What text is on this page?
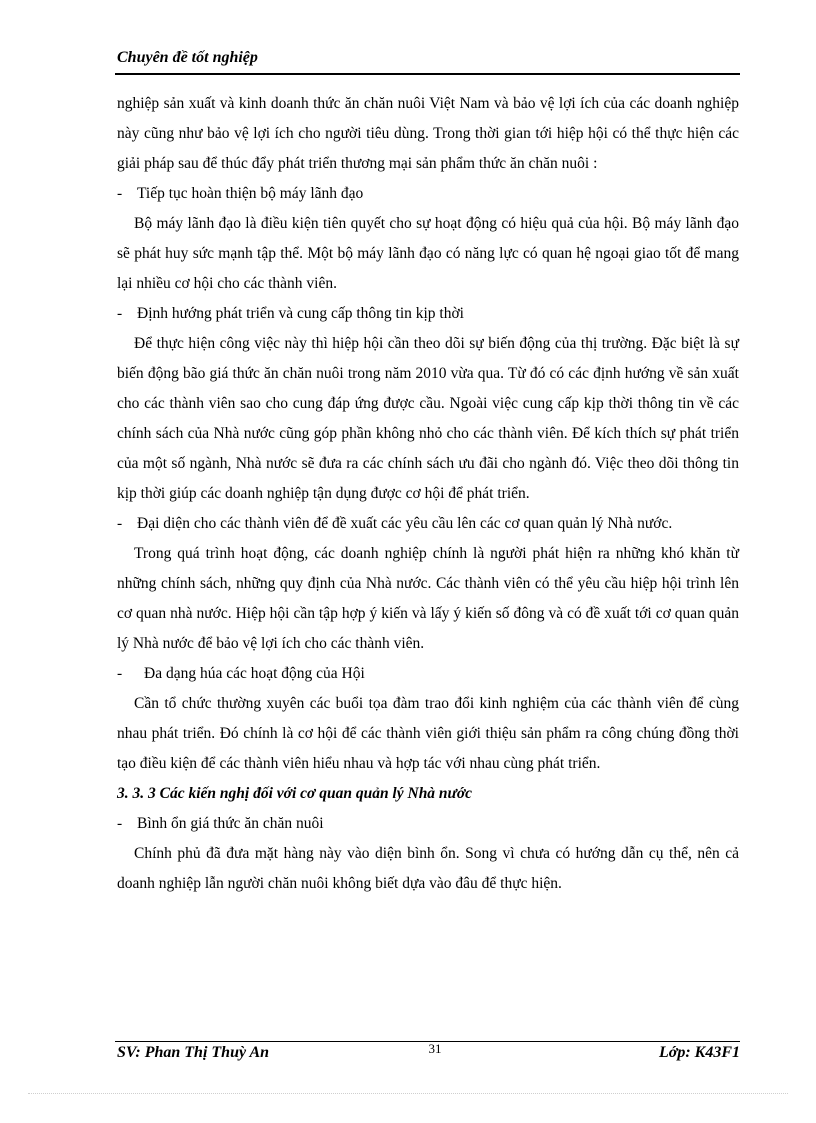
Chuyên đề tốt nghiệp

nghiệp sản xuất và kinh doanh thức ăn chăn nuôi Việt Nam và bảo vệ lợi ích của các doanh nghiệp này cũng như bảo vệ lợi ích cho người tiêu dùng. Trong thời gian tới hiệp hội có thể thực hiện các giải pháp sau để thúc đẩy phát triển thương mại sản phẩm thức ăn chăn nuôi :

- Tiếp tục hoàn thiện bộ máy lãnh đạo

Bộ máy lãnh đạo là điều kiện tiên quyết cho sự hoạt động có hiệu quả của hội. Bộ máy lãnh đạo sẽ phát huy sức mạnh tập thể. Một bộ máy lãnh đạo có năng lực có quan hệ ngoại giao tốt để mang lại nhiều cơ hội cho các thành viên.

- Định hướng phát triển và cung cấp thông tin kịp thời

Để thực hiện công việc này thì hiệp hội cần theo dõi sự biến động của thị trường. Đặc biệt là sự biến động bão giá thức ăn chăn nuôi trong năm 2010 vừa qua. Từ đó có các định hướng về sản xuất cho các thành viên sao cho cung đáp ứng được cầu. Ngoài việc cung cấp kịp thời thông tin về các chính sách của Nhà nước cũng góp phần không nhỏ cho các thành viên. Để kích thích sự phát triển của một số ngành, Nhà nước sẽ đưa ra các chính sách ưu đãi cho ngành đó. Việc theo dõi thông tin kịp thời giúp các doanh nghiệp tận dụng được cơ hội để phát triển.

- Đại diện cho các thành viên để đề xuất các yêu cầu lên các cơ quan quản lý Nhà nước.

Trong quá trình hoạt động, các doanh nghiệp chính là người phát hiện ra những khó khăn từ những chính sách, những quy định của Nhà nước. Các thành viên có thể yêu cầu hiệp hội trình lên cơ quan nhà nước. Hiệp hội cần tập hợp ý kiến và lấy ý kiến số đông và có đề xuất tới cơ quan quản lý Nhà nước để bảo vệ lợi ích cho các thành viên.

-	Đa dạng húa các hoạt động của Hội

Cần tổ chức thường xuyên các buổi tọa đàm trao đổi kinh nghiệm của các thành viên để cùng nhau phát triển. Đó chính là cơ hội để các thành viên giới thiệu sản phẩm ra công chúng đồng thời tạo điều kiện để các thành viên hiểu nhau và hợp tác với nhau cùng phát triển.

3. 3. 3 Các kiến nghị đối với cơ quan quản lý Nhà nước

- Bình ổn giá thức ăn chăn nuôi

Chính phủ đã đưa mặt hàng này vào diện bình ổn. Song vì chưa có hướng dẫn cụ thể, nên cả doanh nghiệp lẫn người chăn nuôi không biết dựa vào đâu để thực hiện.

SV: Phan Thị Thuỳ An	31	Lớp: K43F1
